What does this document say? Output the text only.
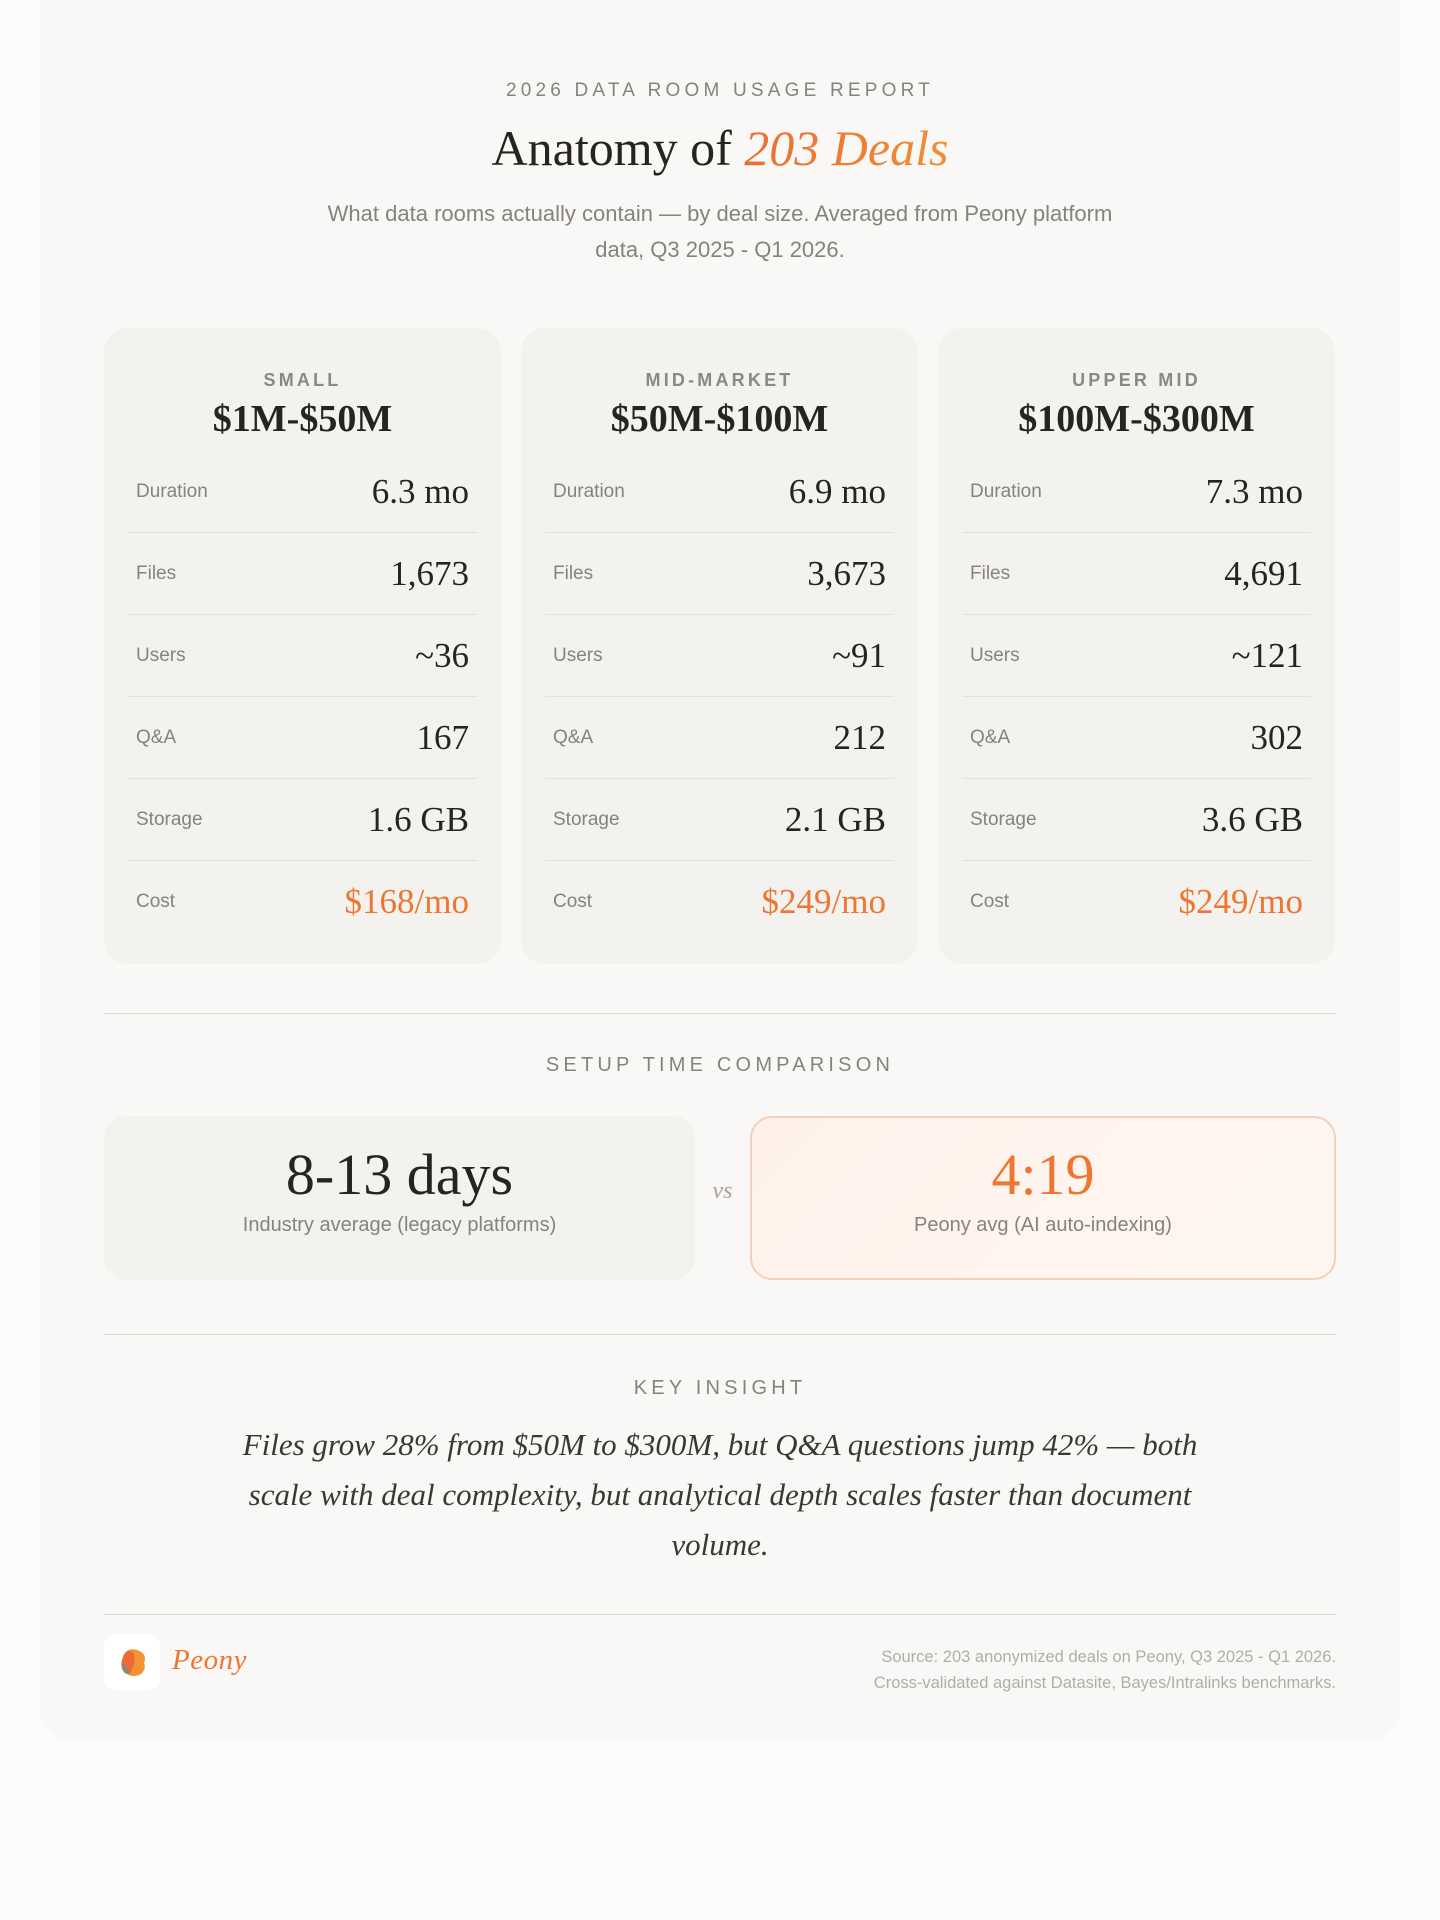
2026 DATA ROOM USAGE REPORT
Anatomy of 203 Deals
What data rooms actually contain — by deal size. Averaged from Peony platform data, Q3 2025 - Q1 2026.
SMALL
$1M-$50M
Duration	6.3 mo
Files	1,673
Users	~36
Q&A	167
Storage	1.6 GB
Cost	$168/mo
MID-MARKET
$50M-$100M
Duration	6.9 mo
Files	3,673
Users	~91
Q&A	212
Storage	2.1 GB
Cost	$249/mo
UPPER MID
$100M-$300M
Duration	7.3 mo
Files	4,691
Users	~121
Q&A	302
Storage	3.6 GB
Cost	$249/mo
SETUP TIME COMPARISON
8-13 days
Industry average (legacy platforms)
vs	4:19
Peony avg (AI auto-indexing)
KEY INSIGHT
Files grow 28% from $50M to $300M, but Q&A questions jump 42% — both scale with deal complexity, but analytical depth scales faster than document volume.
Peony	Source: 203 anonymized deals on Peony, Q3 2025 - Q1 2026.
Cross-validated against Datasite, Bayes/Intralinks benchmarks.
